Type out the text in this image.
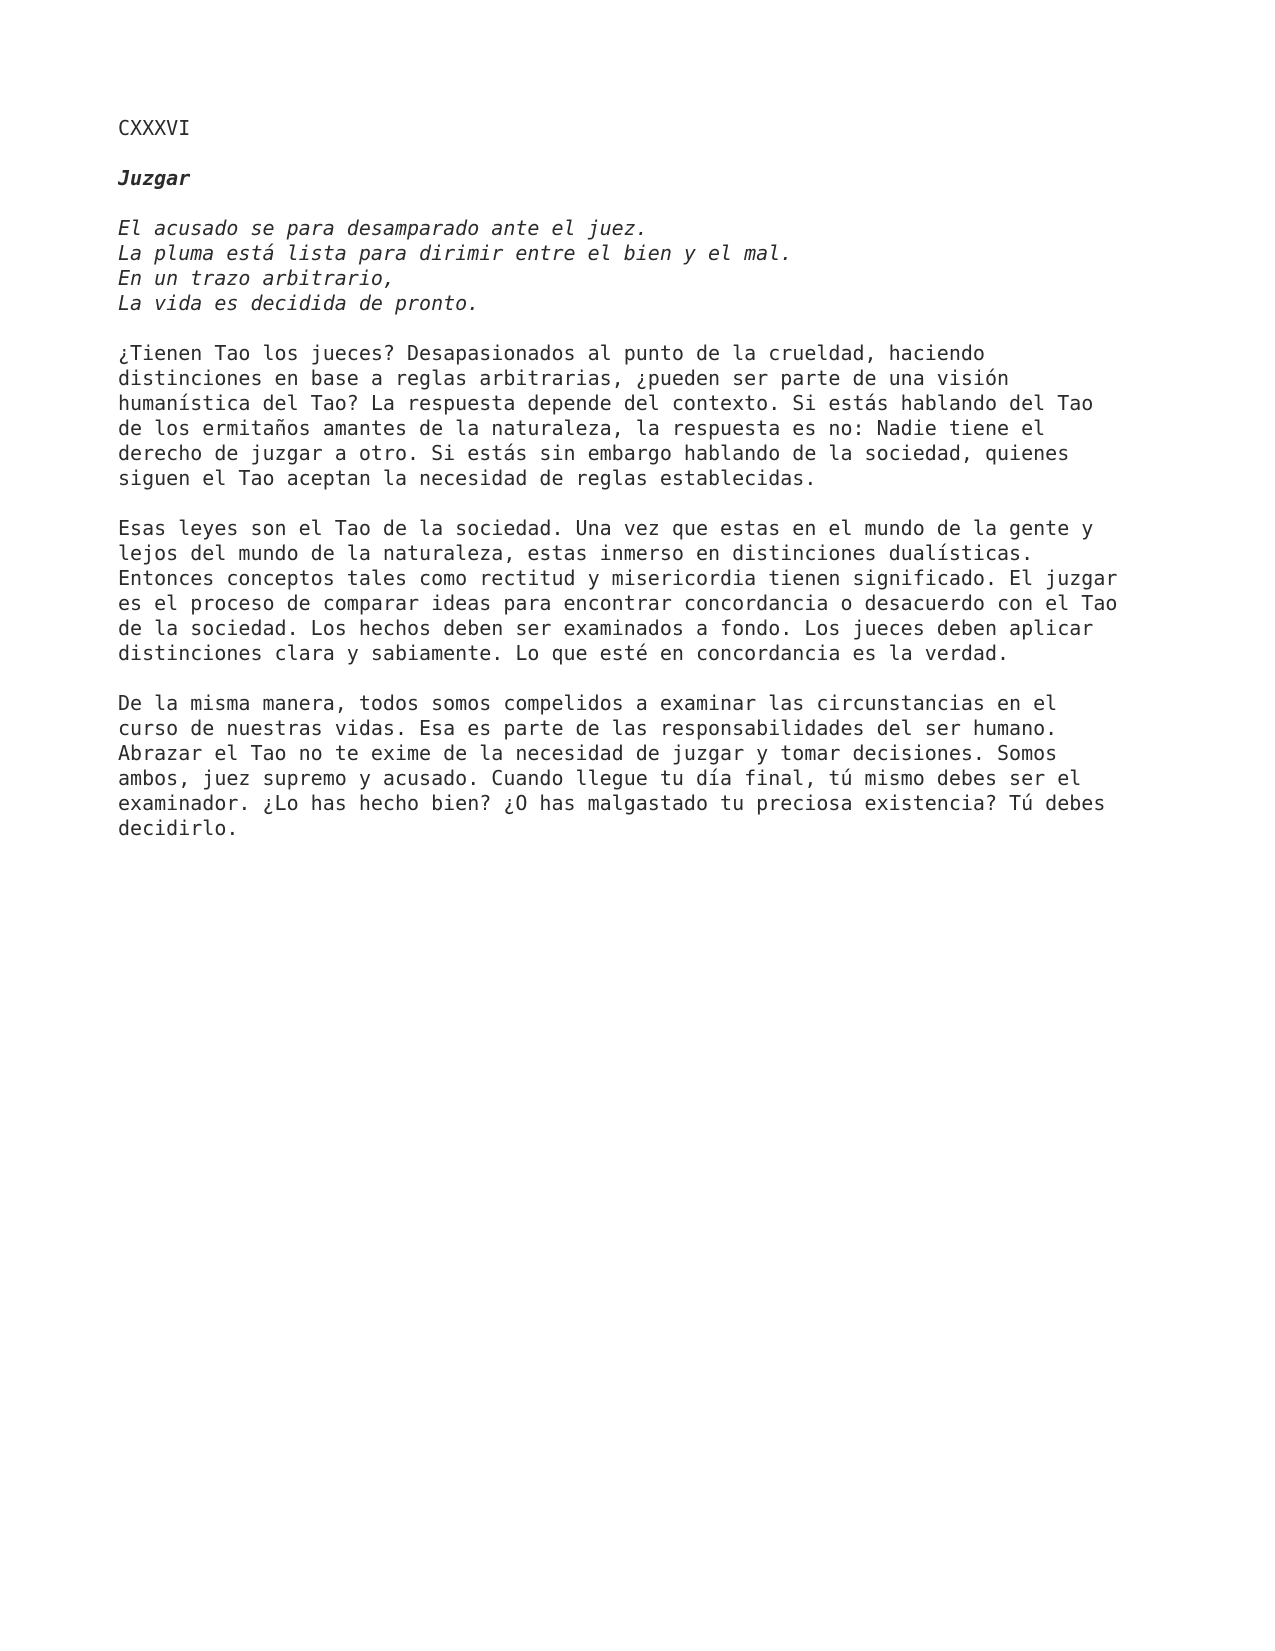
CXXXVI
Juzgar
El acusado se para desamparado ante el juez.
La pluma está lista para dirimir entre el bien y el mal.
En un trazo arbitrario,
La vida es decidida de pronto.
¿Tienen Tao los jueces? Desapasionados al punto de la crueldad, haciendo
distinciones en base a reglas arbitrarias, ¿pueden ser parte de una visión
humanística del Tao? La respuesta depende del contexto. Si estás hablando del Tao
de los ermitaños amantes de la naturaleza, la respuesta es no: Nadie tiene el
derecho de juzgar a otro. Si estás sin embargo hablando de la sociedad, quienes
siguen el Tao aceptan la necesidad de reglas establecidas.
Esas leyes son el Tao de la sociedad. Una vez que estas en el mundo de la gente y
lejos del mundo de la naturaleza, estas inmerso en distinciones dualísticas.
Entonces conceptos tales como rectitud y misericordia tienen significado. El juzgar
es el proceso de comparar ideas para encontrar concordancia o desacuerdo con el Tao
de la sociedad. Los hechos deben ser examinados a fondo. Los jueces deben aplicar
distinciones clara y sabiamente. Lo que esté en concordancia es la verdad.
De la misma manera, todos somos compelidos a examinar las circunstancias en el
curso de nuestras vidas. Esa es parte de las responsabilidades del ser humano.
Abrazar el Tao no te exime de la necesidad de juzgar y tomar decisiones. Somos
ambos, juez supremo y acusado. Cuando llegue tu día final, tú mismo debes ser el
examinador. ¿Lo has hecho bien? ¿O has malgastado tu preciosa existencia? Tú debes
decidirlo.
